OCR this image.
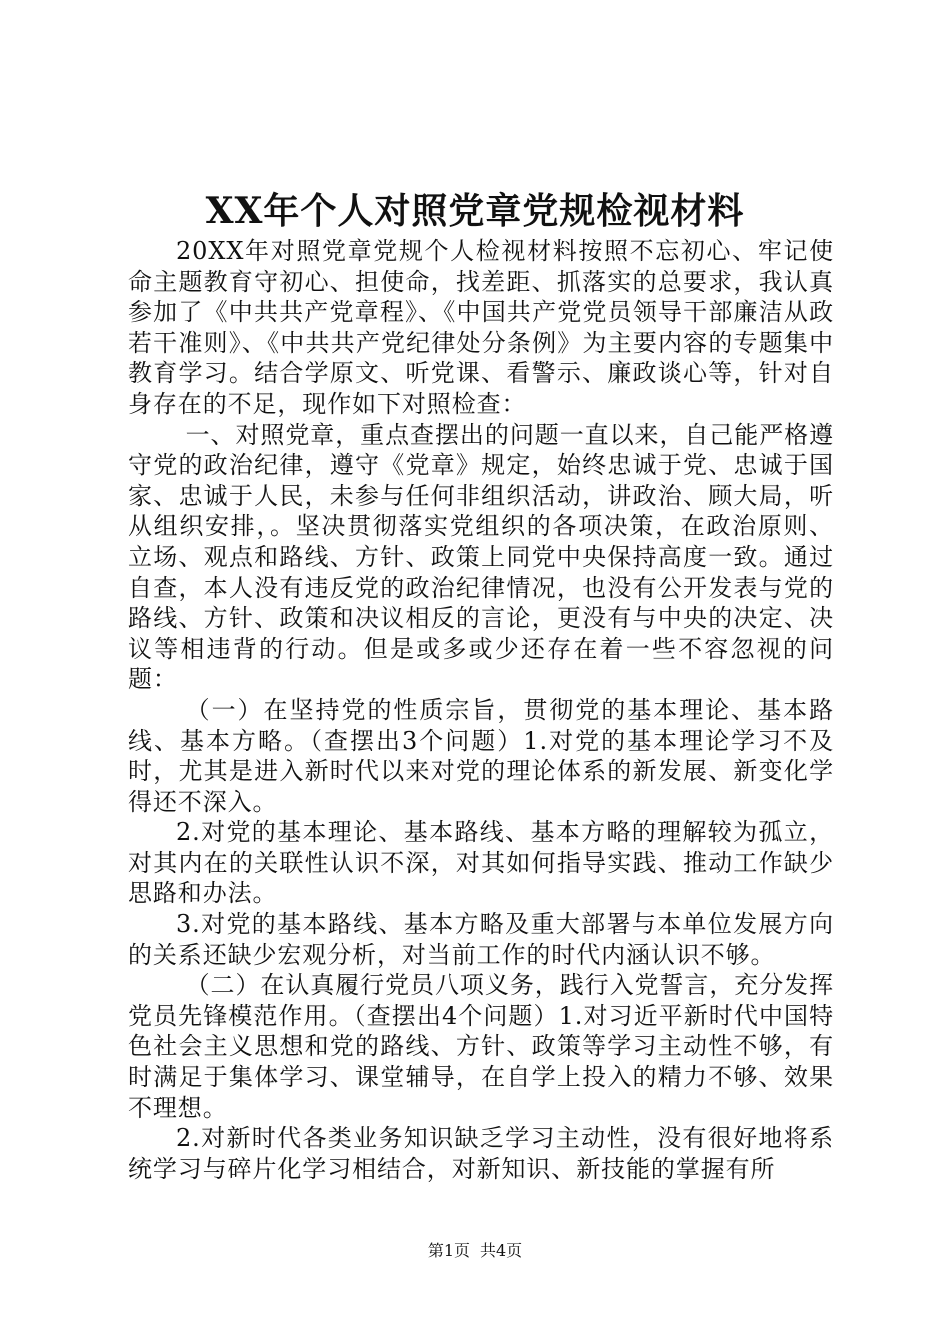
XX年个人对照党章党规检视材料

20XX年对照党章党规个人检视材料按照不忘初心、牢记使命主题教育守初心、担使命，找差距、抓落实的总要求，我认真参加了《中共共产党章程》、《中国共产党党员领导干部廉洁从政若干准则》、《中共共产党纪律处分条例》为主要内容的专题集中教育学习。结合学原文、听党课、看警示、廉政谈心等，针对自身存在的不足，现作如下对照检查：

一、对照党章，重点查摆出的问题一直以来，自己能严格遵守党的政治纪律，遵守《党章》规定，始终忠诚于党、忠诚于国家、忠诚于人民，未参与任何非组织活动，讲政治、顾大局，听从组织安排，。坚决贯彻落实党组织的各项决策，在政治原则、立场、观点和路线、方针、政策上同党中央保持高度一致。通过自查，本人没有违反党的政治纪律情况，也没有公开发表与党的路线、方针、政策和决议相反的言论，更没有与中央的决定、决议等相违背的行动。但是或多或少还存在着一些不容忽视的问题：

（一）在坚持党的性质宗旨，贯彻党的基本理论、基本路线、基本方略。（查摆出3个问题）1.对党的基本理论学习不及时，尤其是进入新时代以来对党的理论体系的新发展、新变化学得还不深入。

2.对党的基本理论、基本路线、基本方略的理解较为孤立，对其内在的关联性认识不深，对其如何指导实践、推动工作缺少思路和办法。

3.对党的基本路线、基本方略及重大部署与本单位发展方向的关系还缺少宏观分析，对当前工作的时代内涵认识不够。

（二）在认真履行党员八项义务，践行入党誓言，充分发挥党员先锋模范作用。（查摆出4个问题）1.对习近平新时代中国特色社会主义思想和党的路线、方针、政策等学习主动性不够，有时满足于集体学习、课堂辅导，在自学上投入的精力不够、效果不理想。

2.对新时代各类业务知识缺乏学习主动性，没有很好地将系统学习与碎片化学习相结合，对新知识、新技能的掌握有所

第1页 共4页
